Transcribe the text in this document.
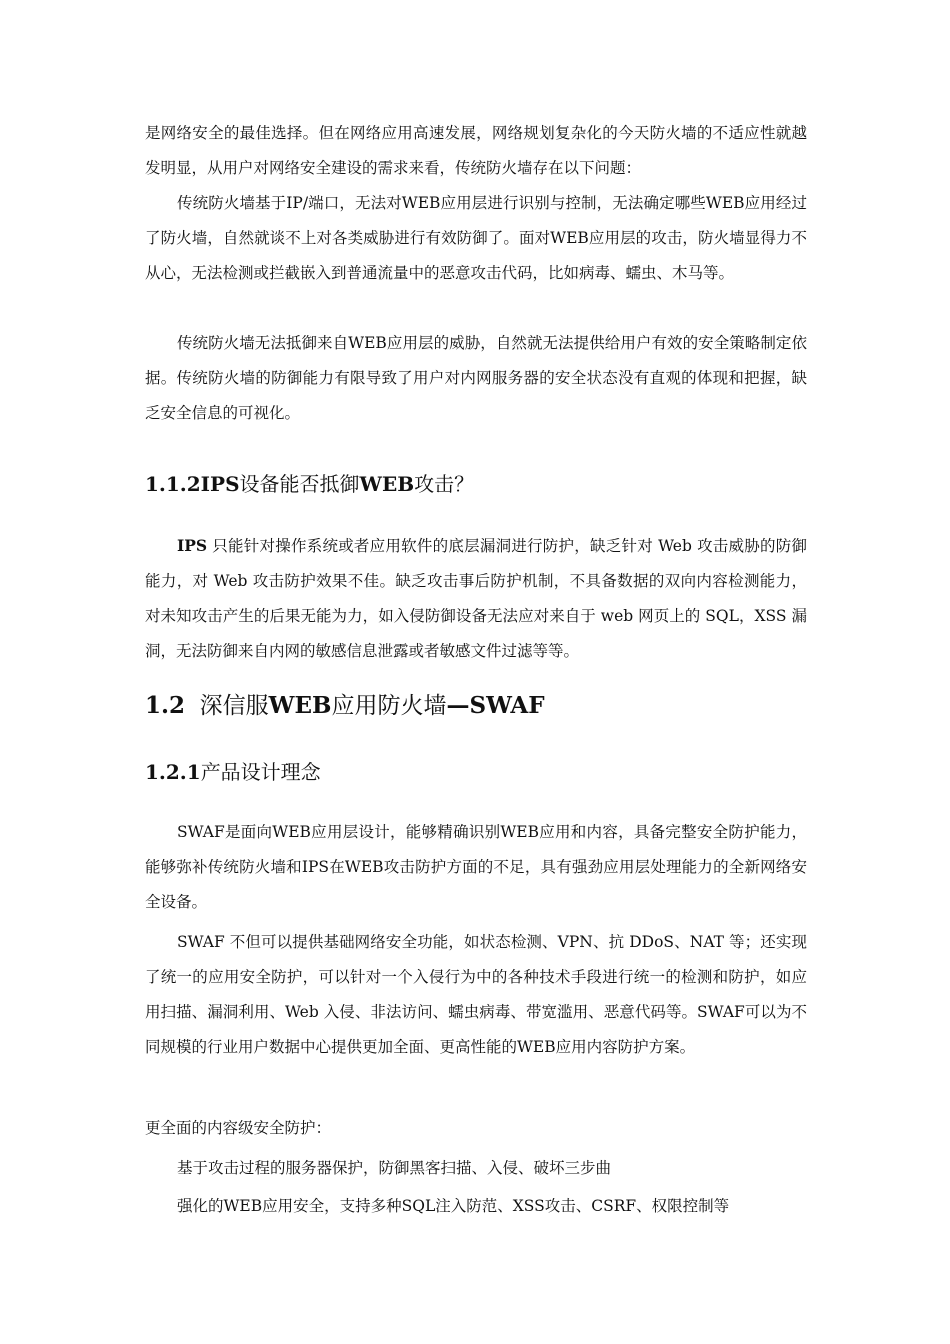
是网络安全的最佳选择。但在网络应用高速发展，网络规划复杂化的今天防火墙的不适应性就越发明显，从用户对网络安全建设的需求来看，传统防火墙存在以下问题：

传统防火墙基于IP/端口，无法对WEB应用层进行识别与控制，无法确定哪些WEB应用经过了防火墙，自然就谈不上对各类威胁进行有效防御了。面对WEB应用层的攻击，防火墙显得力不从心，无法检测或拦截嵌入到普通流量中的恶意攻击代码，比如病毒、蠕虫、木马等。

传统防火墙无法抵御来自WEB应用层的威胁，自然就无法提供给用户有效的安全策略制定依据。传统防火墙的防御能力有限导致了用户对内网服务器的安全状态没有直观的体现和把握，缺乏安全信息的可视化。

1.1.2IPS设备能否抵御WEB攻击？

IPS 只能针对操作系统或者应用软件的底层漏洞进行防护，缺乏针对 Web 攻击威胁的防御能力，对 Web 攻击防护效果不佳。缺乏攻击事后防护机制，不具备数据的双向内容检测能力，对未知攻击产生的后果无能为力，如入侵防御设备无法应对来自于 web 网页上的 SQL，XSS 漏洞，无法防御来自内网的敏感信息泄露或者敏感文件过滤等等。

1.2 深信服WEB应用防火墙—SWAF
1.2.1产品设计理念

SWAF是面向WEB应用层设计，能够精确识别WEB应用和内容，具备完整安全防护能力，能够弥补传统防火墙和IPS在WEB攻击防护方面的不足，具有强劲应用层处理能力的全新网络安全设备。

SWAF 不但可以提供基础网络安全功能，如状态检测、VPN、抗 DDoS、NAT 等；还实现了统一的应用安全防护，可以针对一个入侵行为中的各种技术手段进行统一的检测和防护，如应用扫描、漏洞利用、Web 入侵、非法访问、蠕虫病毒、带宽滥用、恶意代码等。SWAF可以为不同规模的行业用户数据中心提供更加全面、更高性能的WEB应用内容防护方案。

更全面的内容级安全防护：

基于攻击过程的服务器保护，防御黑客扫描、入侵、破坏三步曲

强化的WEB应用安全，支持多种SQL注入防范、XSS攻击、CSRF、权限控制等
